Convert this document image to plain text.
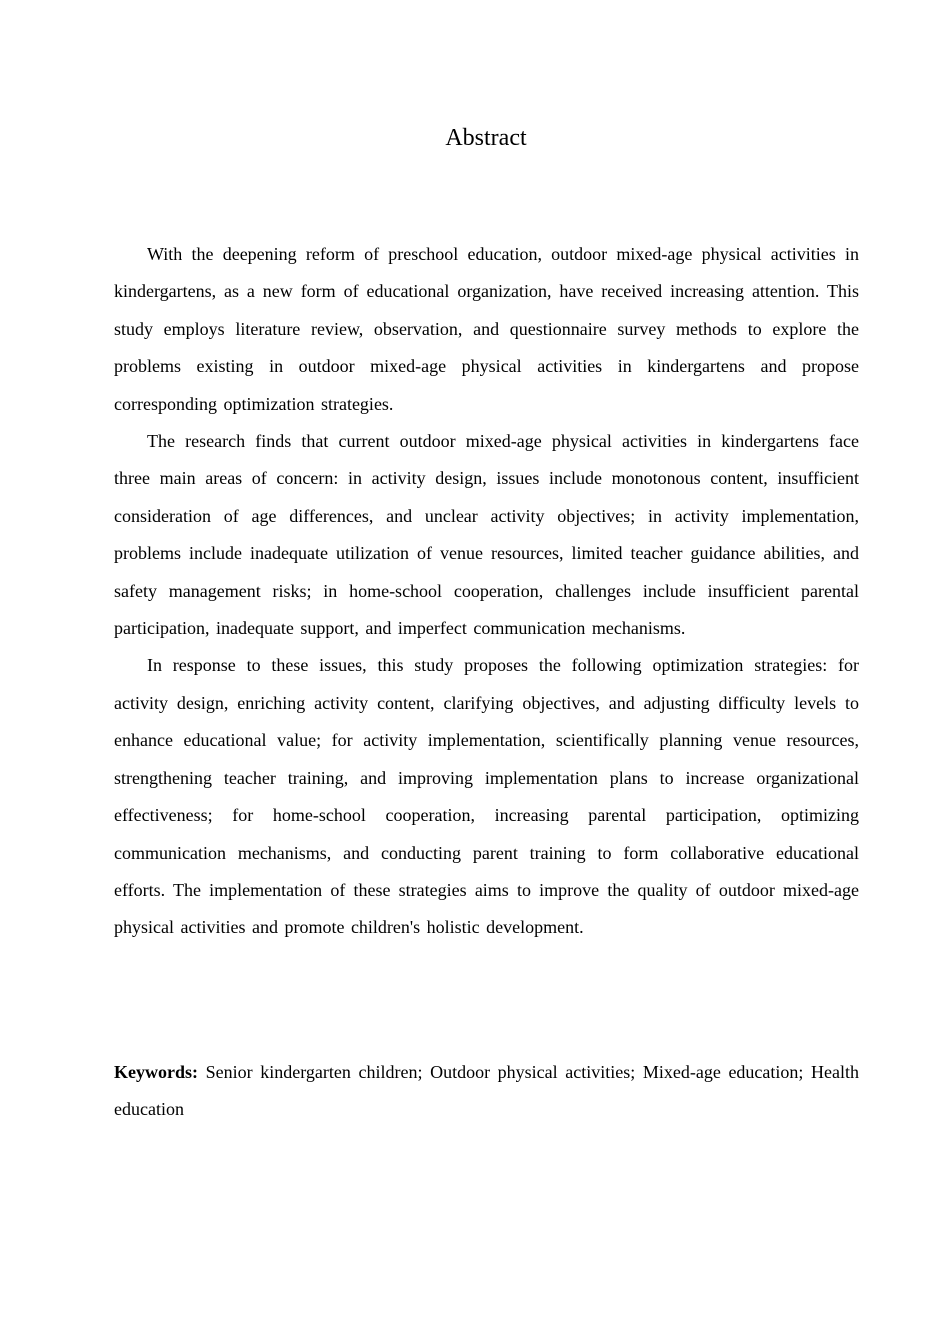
Abstract

With the deepening reform of preschool education, outdoor mixed-age physical activities in kindergartens, as a new form of educational organization, have received increasing attention. This study employs literature review, observation, and questionnaire survey methods to explore the problems existing in outdoor mixed-age physical activities in kindergartens and propose corresponding optimization strategies.

The research finds that current outdoor mixed-age physical activities in kindergartens face three main areas of concern: in activity design, issues include monotonous content, insufficient consideration of age differences, and unclear activity objectives; in activity implementation, problems include inadequate utilization of venue resources, limited teacher guidance abilities, and safety management risks; in home-school cooperation, challenges include insufficient parental participation, inadequate support, and imperfect communication mechanisms.

In response to these issues, this study proposes the following optimization strategies: for activity design, enriching activity content, clarifying objectives, and adjusting difficulty levels to enhance educational value; for activity implementation, scientifically planning venue resources, strengthening teacher training, and improving implementation plans to increase organizational effectiveness; for home-school cooperation, increasing parental participation, optimizing communication mechanisms, and conducting parent training to form collaborative educational efforts. The implementation of these strategies aims to improve the quality of outdoor mixed-age physical activities and promote children's holistic development.

Keywords: Senior kindergarten children; Outdoor physical activities; Mixed-age education; Health education
